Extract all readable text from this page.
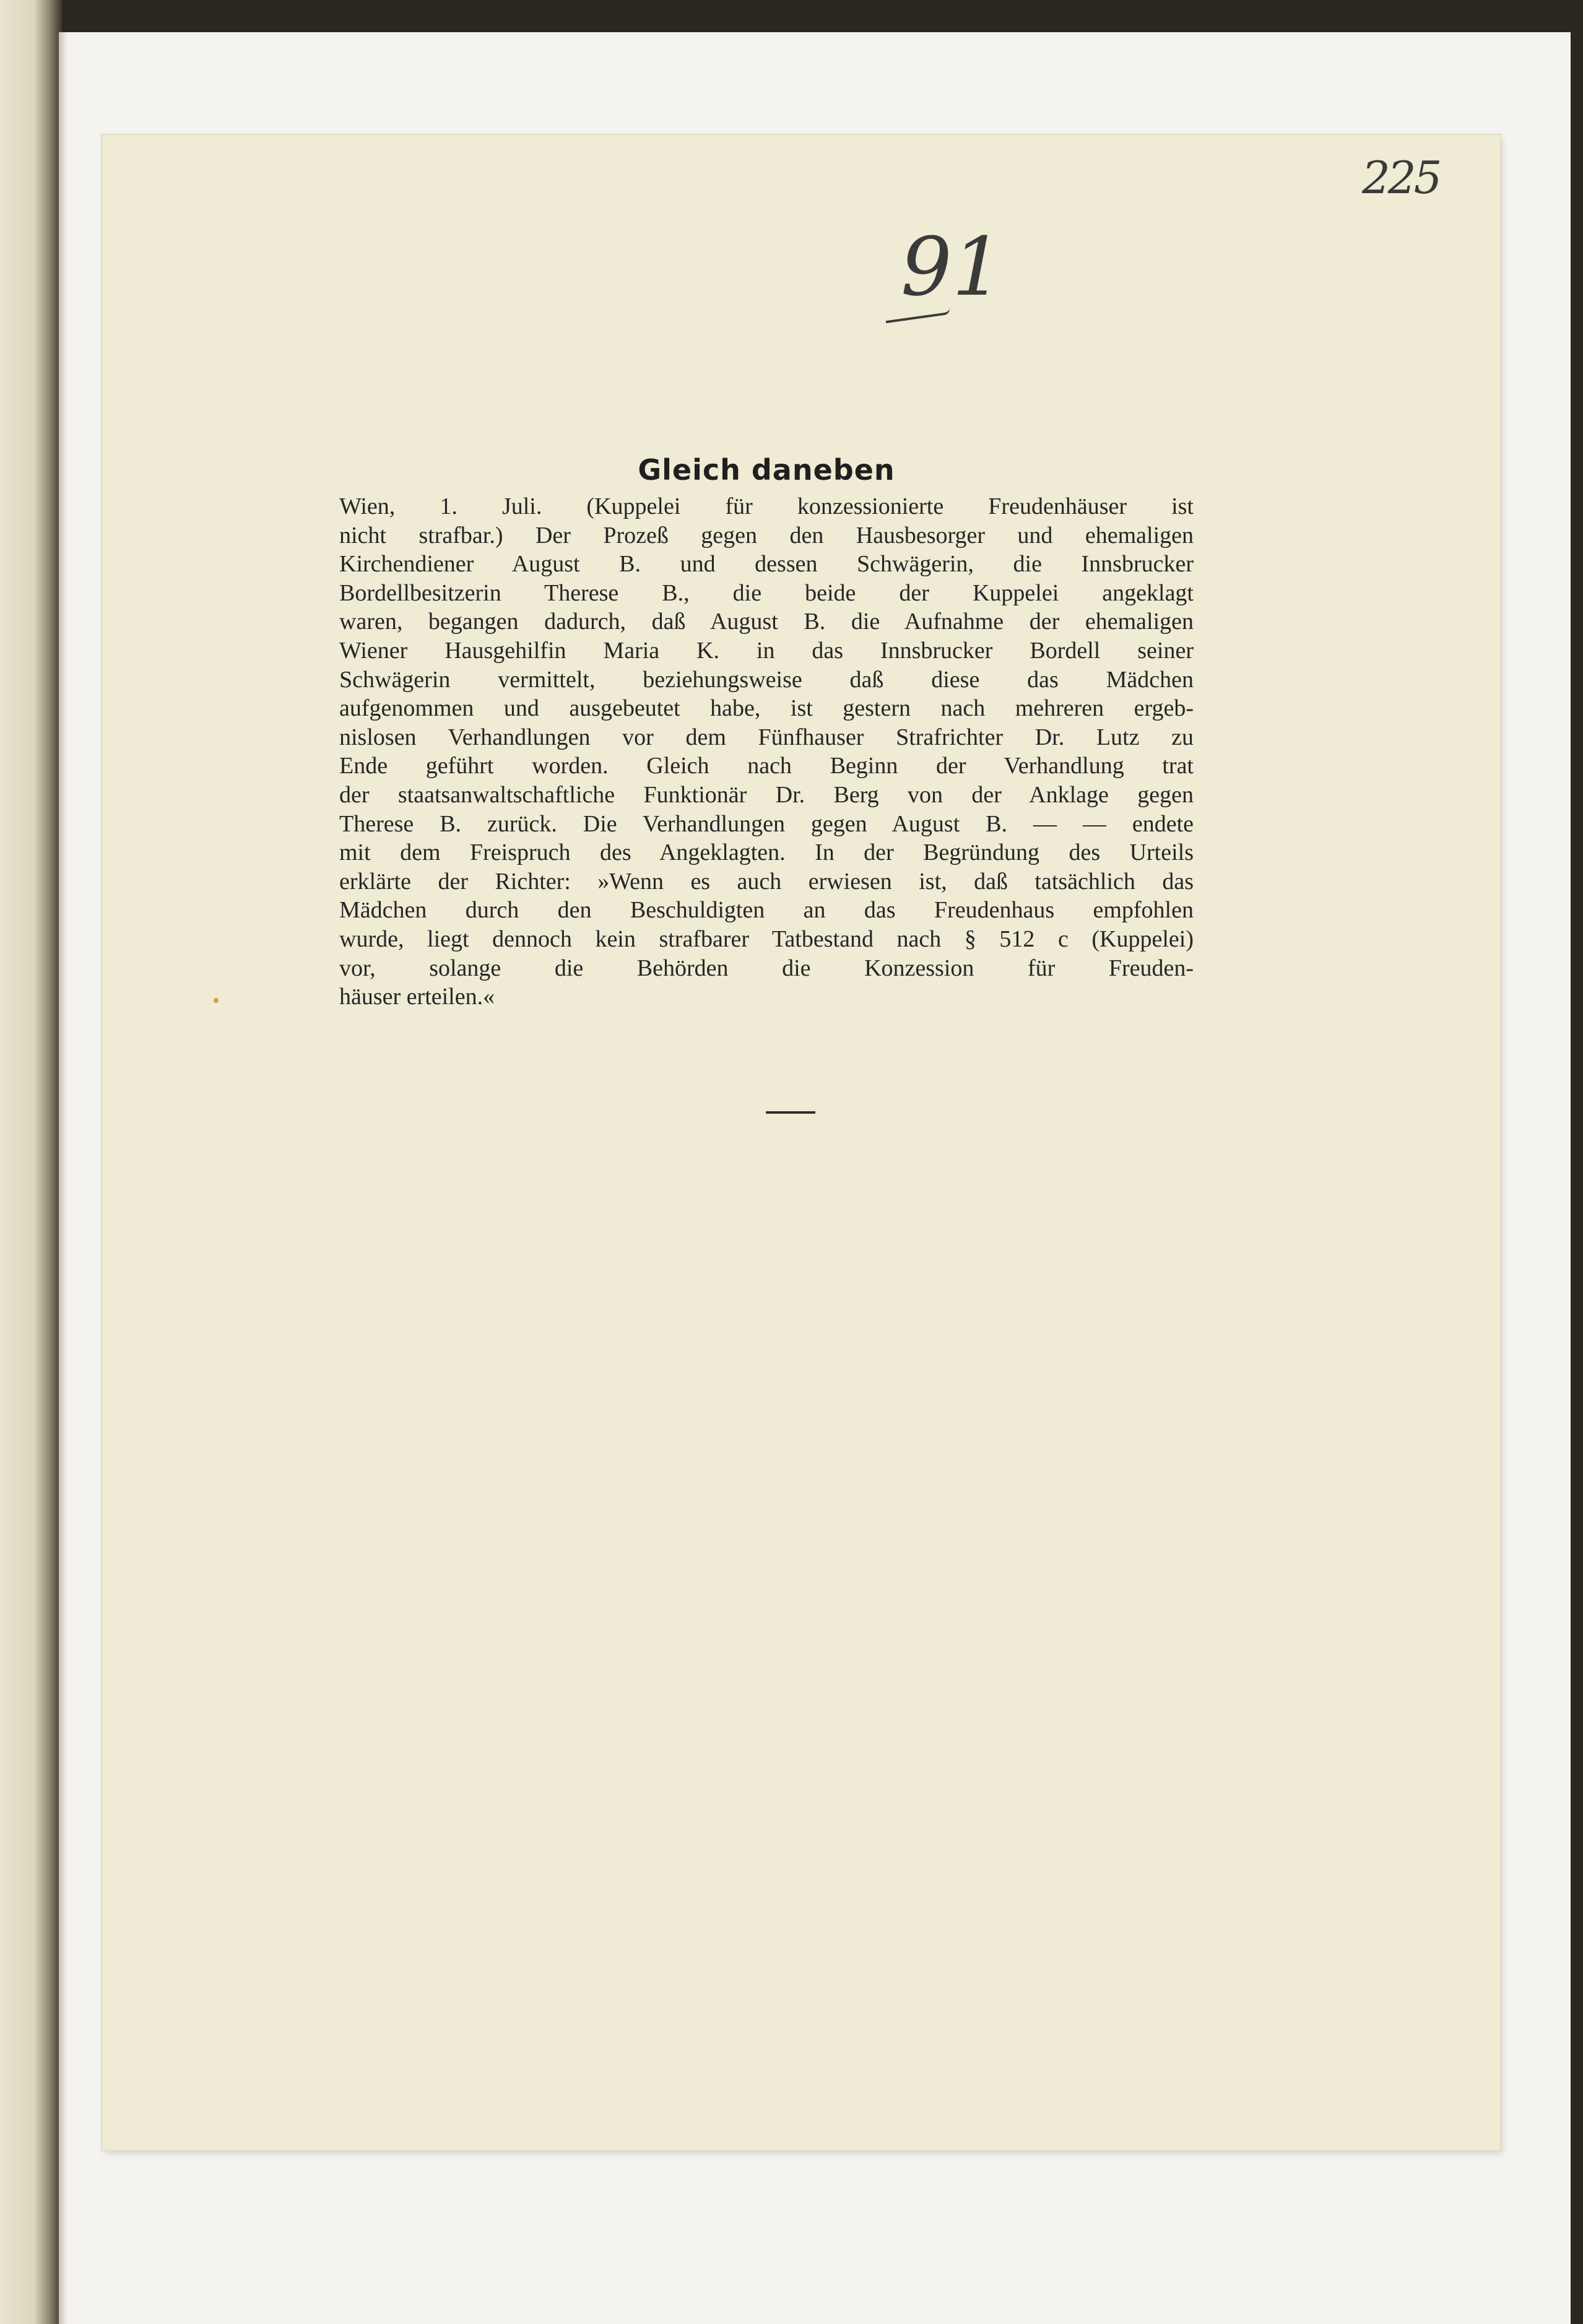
225
91
Gleich daneben
Wien, 1. Juli. (Kuppelei für konzessionierte Freudenhäuser ist
nicht strafbar.) Der Prozeß gegen den Hausbesorger und ehemaligen
Kirchendiener August B. und dessen Schwägerin, die Innsbrucker
Bordellbesitzerin Therese B., die beide der Kuppelei angeklagt
waren, begangen dadurch, daß August B. die Aufnahme der ehemaligen
Wiener Hausgehilfin Maria K. in das Innsbrucker Bordell seiner
Schwägerin vermittelt, beziehungsweise daß diese das Mädchen
aufgenommen und ausgebeutet habe, ist gestern nach mehreren ergeb-
nislosen Verhandlungen vor dem Fünfhauser Strafrichter Dr. Lutz zu
Ende geführt worden. Gleich nach Beginn der Verhandlung trat
der staatsanwaltschaftliche Funktionär Dr. Berg von der Anklage gegen
Therese B. zurück. Die Verhandlungen gegen August B. — — endete
mit dem Freispruch des Angeklagten. In der Begründung des Urteils
erklärte der Richter: »Wenn es auch erwiesen ist, daß tatsächlich das
Mädchen durch den Beschuldigten an das Freudenhaus empfohlen
wurde, liegt dennoch kein strafbarer Tatbestand nach § 512 c (Kuppelei)
vor, solange die Behörden die Konzession für Freuden-
häuser erteilen.«
